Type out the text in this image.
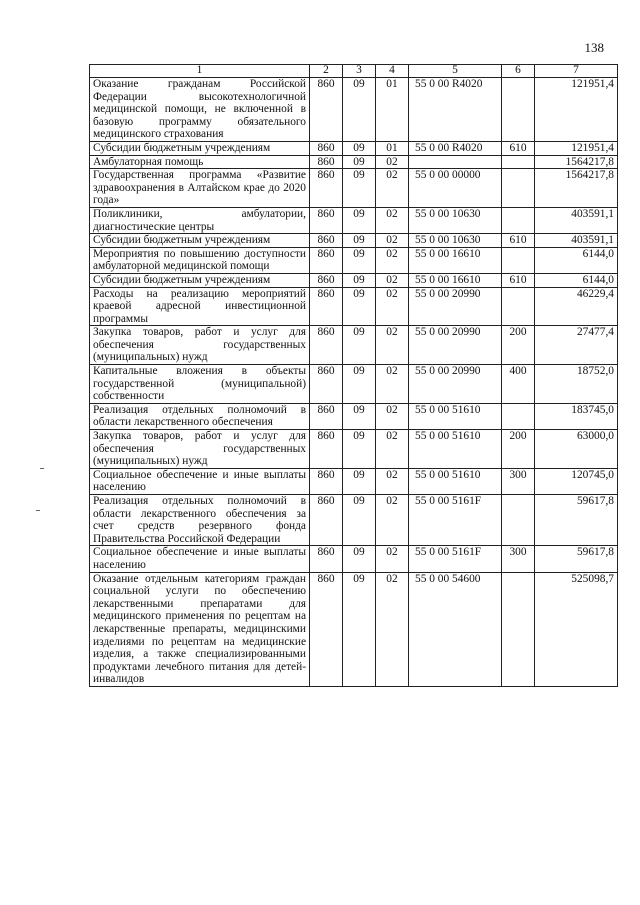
138
1	2	3	4	5	6	7
Оказание гражданам Российской Федерации высокотехнологичной медицинской помощи, не включенной в базовую программу обязательного медицинского страхования	860	09	01	55 0 00 R4020		121951,4
Субсидии бюджетным учреждениям	860	09	01	55 0 00 R4020	610	121951,4
Амбулаторная помощь	860	09	02			1564217,8
Государственная программа «Развитие здравоохранения в Алтайском крае до 2020 года»	860	09	02	55 0 00 00000		1564217,8
Поликлиники, амбулатории, диагностические центры	860	09	02	55 0 00 10630		403591,1
Субсидии бюджетным учреждениям	860	09	02	55 0 00 10630	610	403591,1
Мероприятия по повышению доступности амбулаторной медицинской помощи	860	09	02	55 0 00 16610		6144,0
Субсидии бюджетным учреждениям	860	09	02	55 0 00 16610	610	6144,0
Расходы на реализацию мероприятий краевой адресной инвестиционной программы	860	09	02	55 0 00 20990		46229,4
Закупка товаров, работ и услуг для обеспечения государственных (муниципальных) нужд	860	09	02	55 0 00 20990	200	27477,4
Капитальные вложения в объекты государственной (муниципальной) собственности	860	09	02	55 0 00 20990	400	18752,0
Реализация отдельных полномочий в области лекарственного обеспечения	860	09	02	55 0 00 51610		183745,0
Закупка товаров, работ и услуг для обеспечения государственных (муниципальных) нужд	860	09	02	55 0 00 51610	200	63000,0
Социальное обеспечение и иные выплаты населению	860	09	02	55 0 00 51610	300	120745,0
Реализация отдельных полномочий в области лекарственного обеспечения за счет средств резервного фонда Правительства Российской Федерации	860	09	02	55 0 00 5161F		59617,8
Социальное обеспечение и иные выплаты населению	860	09	02	55 0 00 5161F	300	59617,8
Оказание отдельным категориям граждан социальной услуги по обеспечению лекарственными препаратами для медицинского применения по рецептам на лекарственные препараты, медицинскими изделиями по рецептам на медицинские изделия, а также специализированными продуктами лечебного питания для детей-инвалидов	860	09	02	55 0 00 54600		525098,7
